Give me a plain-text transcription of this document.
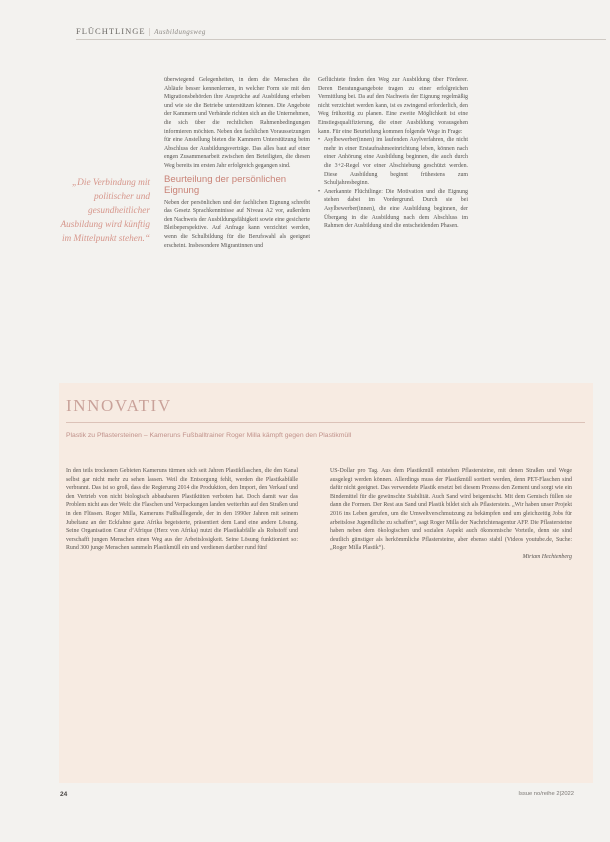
FLÜCHTLINGE | Ausbildungsweg
„Die Verbindung mit politischer und gesundheitlicher Ausbildung wird künftig im Mittelpunkt stehen.“

überwiegend Gelegenheiten, in dem die Menschen die Abläufe besser kennenlernen, in welcher Form sie mit den Migrationsbehörden ihre Ansprüche auf Ausbildung erheben und wie sie die Betriebe unterstützen können. Die Angebote der Kammern und Verbände richten sich an die Unternehmen, die sich über die rechtlichen Rahmenbedingungen informieren möchten. Neben den fachlichen Voraussetzungen für eine Anstellung bieten die Kammern Unterstützung beim Abschluss der Ausbildungsverträge. Das alles baut auf einer engen Zusammenarbeit zwischen den Beteiligten, die diesen Weg bereits im ersten Jahr erfolgreich gegangen sind.

Beurteilung der persönlichen Eignung

Neben der persönlichen und der fachlichen Eignung schreibt das Gesetz Sprachkenntnisse auf Niveau A2 vor, außerdem den Nachweis der Ausbildungsfähigkeit sowie eine gesicherte Bleibeperspektive. Auf Anfrage kann verzichtet werden, wenn die Schulbildung für die Berufswahl als geeignet erscheint. Insbesondere Migrantinnen und

Geflüchtete finden den Weg zur Ausbildung über Förderer. Deren Beratungsangebote tragen zu einer erfolgreichen Vermittlung bei. Da auf den Nachweis der Eignung regelmäßig nicht verzichtet werden kann, ist es zwingend erforderlich, den Weg frühzeitig zu planen. Eine zweite Möglichkeit ist eine Einstiegsqualifizierung, die einer Ausbildung vorausgehen kann. Für eine Beurteilung kommen folgende Wege in Frage:

• Asylbewerber(innen) im laufenden Asylverfahren, die nicht mehr in einer Erstaufnahmeeinrichtung leben, können nach einer Anhörung eine Ausbildung beginnen, die auch durch die 3+2-Regel vor einer Abschiebung geschützt werden. Diese Ausbildung beginnt frühestens zum Schuljahresbeginn.
• Anerkannte Flüchtlinge: Die Motivation und die Eignung stehen dabei im Vordergrund. Durch sie bei Asylbewerber(innen), die eine Ausbildung beginnen, der Übergang in die Ausbildung nach dem Abschluss im Rahmen der Ausbildung sind die entscheidenden Phasen.
INNOVATIV
Plastik zu Pflastersteinen – Kameruns Fußballtrainer Roger Milla kämpft gegen den Plastikmüll

In den teils trockenen Gebieten Kameruns türmen sich seit Jahren Plastikflaschen, die den Kanal selbst gar nicht mehr zu sehen lassen. Weil die Entsorgung fehlt, werden die Plastikabfälle verbrannt. Das ist so groß, dass die Regierung 2014 die Produktion, den Import, den Verkauf und den Vertrieb von nicht biologisch abbaubaren Plastiktüten verboten hat. Doch damit war das Problem nicht aus der Welt: die Flaschen und Verpackungen landen weiterhin auf den Straßen und in den Flüssen. Roger Milla, Kameruns Fußballlegende, der in den 1990er Jahren mit seinem Jubeltanz an der Eckfahne ganz Afrika begeisterte, präsentiert dem Land eine andere Lösung. Seine Organisation Cœur d’Afrique (Herz von Afrika) nutzt die Plastikabfälle als Rohstoff und verschafft jungen Menschen einen Weg aus der Arbeitslosigkeit. Seine Lösung funktioniert so: Rund 300 junge Menschen sammeln Plastikmüll ein und verdienen darüber rund fünf

US-Dollar pro Tag. Aus dem Plastikmüll entstehen Pflastersteine, mit denen Straßen und Wege ausgelegt werden können. Allerdings muss der Plastikmüll sortiert werden, denn PET-Flaschen sind dafür nicht geeignet. Das verwendete Plastik ersetzt bei diesem Prozess den Zement und sorgt wie ein Bindemittel für die gewünschte Stabilität. Auch Sand wird beigemischt. Mit dem Gemisch füllen sie dann die Formen. Der Rest aus Sand und Plastik bildet sich als Pflasterstein. „Wir haben unser Projekt 2016 ins Leben gerufen, um die Umweltverschmutzung zu bekämpfen und um gleichzeitig Jobs für arbeitslose Jugendliche zu schaffen“, sagt Roger Milla der Nachrichtenagentur AFP. Die Pflastersteine haben neben dem ökologischen und sozialen Aspekt auch ökonomische Vorteile, denn sie sind deutlich günstiger als herkömmliche Pflastersteine, aber ebenso stabil (Videos youtube.de, Suche: „Roger Milla Plastik“).

Miriam Hechtenberg
24	Issue no/reihe 2|2022
